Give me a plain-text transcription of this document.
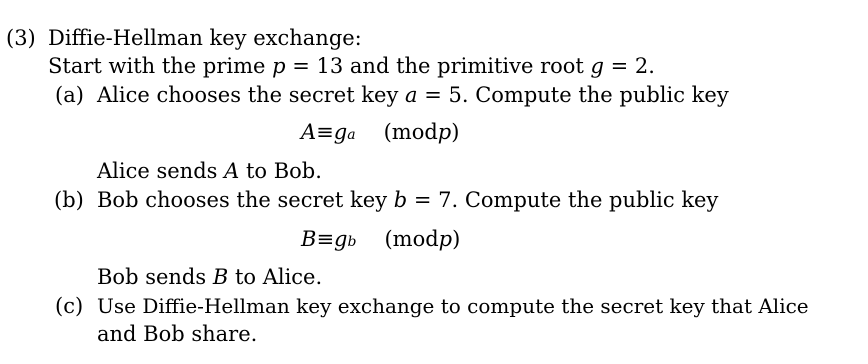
(3) Diffie-Hellman key exchange:
Start with the prime p = 13 and the primitive root g = 2.
(a) Alice chooses the secret key a = 5. Compute the public key
A ≡ g a (mod p )
Alice sends A to Bob.
(b) Bob chooses the secret key b = 7. Compute the public key
B ≡ g b (mod p )
Bob sends B to Alice.
(c) Use Diffie-Hellman key exchange to compute the secret key that Alice
and Bob share.
